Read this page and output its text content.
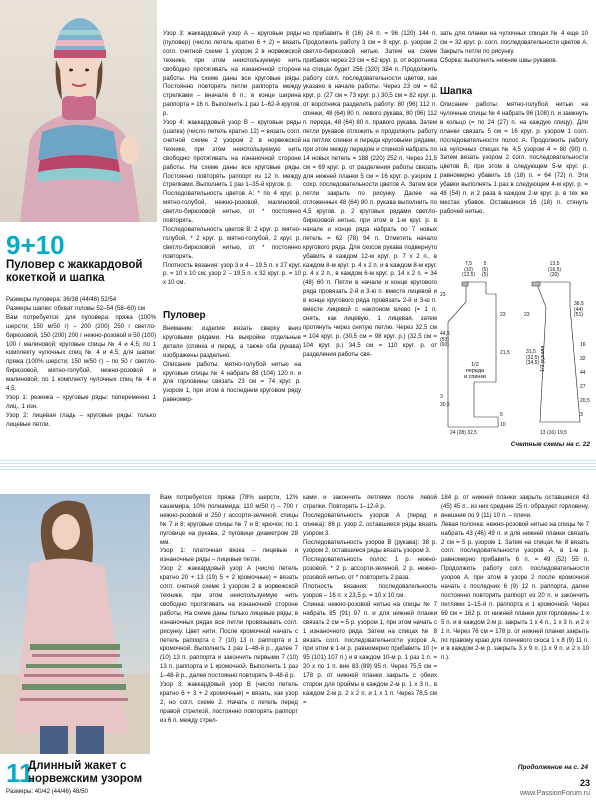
9+10
Пуловер с жаккардовой кокеткой и шапка
Размеры пуловера: 36/38 (44/46) 52/54
Размеры шапки: обхват головы 52–54 (58–60) см
Вам потребуется: для пуловера: пряжа (100% шерсти; 150 м/50 г) – 200 (200) 250 г светло-бирюзовой, 150 (200) 200 г нежно-розовой и 50 (100) 100 г малиновой; круговые спицы № 4 и 4,5; по 1 комплекту чулочных спиц № 4 и 4,5; для шапки: пряжа (100% шерсти; 150 м/50 г) – по 50 г светло-бирюзовой, мятно-голубой, нежно-розовой и малиновой; по 1 комплекту чулочных спиц № 4 и 4,5.
Узор 1: резинка – круговые ряды: попеременно 1 лиц., 1 изн.
Узор 2: лицевая гладь – круговые ряды: только лицевые петли.
Узор 3: жаккардовый узор А – круговые ряды (пуловер) (число петель кратно 6 + 2) = вязать согл. счетной схеме 1 узором 2 в норвежской технике, при этом неиспользуемую нить свободно протягивать на изнаночной стороне работы. На схеме даны все круговые ряды. Постоянно повторять петли раппорта между стрелками – вначале 6 п.; в конце ширина раппорта = 16 п. Выполнить 1 раз 1–62-й кругов. р.
Узор 4: жаккардовый узор В – круговые ряды (шапка) (число петель кратно 12) = вязать согл. счетной схеме 2 узором 2 в норвежской технике, при этом неиспользуемую нить свободно протягивать на изнаночной стороне работы. На схеме даны все круговые ряды. Постоянно повторять раппорт из 12 п. между стрелками. Выполнить 1 раз 1–35-й кругов. р.
Последовательность цветов А: * по 4 круг. р. мятно-голубой, нежно-розовой, малиновой, светло-бирюзовой нитью, от * постоянно повторять.
Последовательность цветов В: 2 круг. р. мятно-голубой, * 2 круг. р. мятно-голубой, 2 круг. р. светло-бирюзовой нитью, от * постоянно повторять.
Плотность вязания: узор 3 и 4 – 19,5 п. x 27 круг. р. = 10 x 10 см; узор 2 – 19,5 п. x 32 круг. р. = 10 x 10 см.
Пуловер
Внимание: изделие вязать сверху вниз круговыми рядами. На выкройке отдельные детали (спинка и перед, а также оба рукава) изображены раздельно.
Описание работы: мятно-голубой нитью на круговые спицы № 4 набрать 88 (104) 120 п. и для горловины связать 23 см = 74 круг. р. узором 1, при этом в последнем круговом ряду равномер-
но прибавить 8 (16) 24 п. = 96 (120) 144 п. Продолжить работу 3 см = 8 круг. р. узором 2 светло-бирюзовой нитью. Затем на схеме прибавок через 23 см = 62 круг. р. от воротника на спицах будет 256 (320) 384 п. Продолжить работу согл. последовательности цветов, как указано в начале работы. Через 23 см = 62 круг. р. (27 см = 73 круг. р.) 30,5 см = 82 круг. р. от воротника разделить работу: 80 (96) 112 п. спинки, 48 (64) 80 п. левого рукава, 80 (96) 112 п. переда, 48 (64) 80 п. правого рукава. Затем петли рукавов отложить и продолжить работу на петлях спинки и переда круговыми рядами, при этом между передом и спинкой набрать по 14 новых петель = 188 (220) 252 п. Через 21,5 см = 69 круг. р. от разделения работы связать для нижней планки 5 см = 16 круг. р. узором 1 сохр. последовательности цветов А. Затем все петли закрыть по рисунку. Далее на отложенных 48 (64) 80 п. рукава выполнить по 4,5 кругов. р. 2 круговых рядами светло-бирюзовой нитью, при этом в 1-м круг. р. в начале и конце ряда набрать по 7 новых петель = 62 (78) 94 п. Отметить начало кругового ряда. Для скосов рукава подвернуто убавить в каждом 12-м круг. р. 7 x 2 п., в каждом 8-м круг. р. 4 x 2 п. и в каждом 8-м круг. р. 4 x 2 п., в каждом 6-м круг. р. 14 x 2 п. = 34 (48) 60 п. Петли в начале и конце кругового ряда провязать 2-й и 3-ю п. вместе лицевой и в конце кругового ряда провязать 2-й и 3-ю п. вместе лицевой с наклоном влево (= 1 п. снять, как лицевую, 1 лицевая, затем протянуть через снятую петлю. Через 32,5 см = 104 круг. р. (30,5 см = 98 круг. р.) (32,5 см = 104 круг. р.) 34,5 см = 110 круг. р. от разделения работы свя-
зать для планки на чулочных спицах № 4 еще 10 см = 32 круг. р. согл. последовательности цветов А. Закрыть петли по рисунку.
Сборка: выполнить нижние швы рукавов.
Шапка
Описание работы: мятно-голубой нитью на чулочные спицы № 4 набрать 96 (108) п. и замкнуть в кольцо (= по 24 (27) п. на каждую спицу). Для планки связать 5 см = 16 круг. р. узором 1 согл. последовательности полос А. Продолжить работу на чулочных спицах № 4,5 узором 4 = 80 (90) п. Затем вязать узором 2 согл. последовательности цветов В, при этом в следующем 5-м круг. р. равномерно убавить 16 (18) п. = 64 (72) п. Эти убавки выполнять 1 раз в следующем 4-м круг. р. = 48 (54) п. и 2 раза в каждом 2-м круг. р. в тех же местах убавок. Оставшиеся 16 (18) п. стянуть рабочей нитью.
7,5
(10)
(12,5)
5
(5)
(5)
13,5
(16,5)
(20)
1/2
переда
и спинки
1/2 рукава
24 (28) 32,5	13 (16) 19,5
23
23	23
21,5
5
44,5
(53)
(60)
3
30,5
10
31,5
(32,5)
(34,5)
36,5
(44)
(51)
16
32
44
27
20,5
3
Счетные схемы на с. 22
11
Длинный жакет с норвежским узором
Размеры: 40/42 (44/46) 48/50
Вам потребуется: пряжа (78% шерсти, 12% кашемира, 10% полиамида; 110 м/50 г) – 700 г нежно-розовой и 250 г ассорти-зеленой; спицы № 7 и 8; круговые спицы № 7 и 8; крючок; по 1 пуговице на рукава, 2 пуговице диаметром 28 мм.
Узор 1: платочная вязка – лицевые и изнаночные ряды – лицевые петли.
Узор 2: жаккардовый узор А (число петель кратно 20 + 13 (19) 5 + 2 кромочные) = вязать согл. счетной схеме 1 узором 2 в норвежской технике, при этом неиспользуемую нить свободно протягивать на изнаночной стороне работы. На схеме даны только лицевые ряды; в изнаночных рядах все петли провязывать согл. рисунку. Цвет нити. После кромочной начать с петель раппорта с 7 (10) 13 п. раппорта и 1 кромочной. Выполнить 1 раз 1–48-й р., далее 7 (10) 13 п. раппорта и закончить первыми 7 (10) 13 п. раппорта и 1 кромочной. Выполнить 1 раз 1–48-й р., далее постоянно повторять 9–48-й р.
Узор 3: жаккардовый узор В (число петель кратно 6 + 3 + 2 кромочные) = вязать, как узор 2, но согл. схеме 2. Начать с петель перед правой стрелкой, постоянно повторять раппорт из 6 п. между стрел-
ками и закончить петлями после левой стрелки. Повторять 1–12-й р.
Последовательность узоров А (перед и спинка): 86 р. узор 2, оставшиеся ряды вязать узором 3.
Последовательность узоров В (рукава): 38 р. узором 2, оставшиеся ряды вязать узором 3.
Последовательность полос: 1 р. нежно-розовой, * 2 р. ассорти-зеленой, 2 р. нежно-розовой нитью, от * повторить 2 раза.
Плотность вязания: последовательность узоров – 16 п. x 23,5 р. = 10 x 10 см.
Спинка: нежно-розовой нитью на спицы № 7 набрать 85 (91) 97 п. и для нижней планки связать 2 см = 5 р. узором 1, при этом начать с 1 изнаночного ряда. Затем на спицах № 8 вязать согл. последовательности узоров А, при этом в 1-м р. равномерно прибавить 10 (= 95 (101) 107 п.) и в каждом 10-м р. 1 раз 1 п. = 20 х по 1 п. вне 83 (89) 95 п. Через 75,5 см = 178 р. от нижней планки закрыть с обеих сторон для проймы в каждом 2-м р. 1 x 3 п., в каждом 2-м р. 2 x 2 п. и 1 x 1 п. Через 78,5 см =
184 р. от нижней планки закрыть оставшиеся 43 (45) 45 п., из них средние 25 п. образуют горловину, внешние по 9 (11) 10 п. – плечи.
Левая полочка: нежно-розовой нитью на спицы № 7 набрать 43 (46) 49 п. и для нижней планки связать 2 см = 5 р. узором 1. Затем на спицах № 8 вязать согл. последовательности узоров А, в 1-м р. равномерно прибавить 6 п. = 49 (52) 55 п. Продолжить работу согл. последовательности узоров А, при этом в узоре 2 после кромочной начать с последних 6 (9) 12 п. раппорта, далее постоянно повторять раппорт из 20 п. и закончить петлями 1–15-й п. раппорта и 1 кромочной. Через 69 см = 162 р. от нижней планки для горловины 1 x 5 п. и в каждом 2-м р. закрыть 1 x 4 п., 1 x 3 п. и 2 x 1 п. Через 76 см = 178 р. от нижней планки закрыть по правому краю для плечевого скоса 1 x 8 (9) 11 п. и в каждом 2-м р. закрыть 3 x 9 п. (1 x 9 п. и 2 x 10 п.).
Продолжение на с. 24
23
www.PassionForum.ru
